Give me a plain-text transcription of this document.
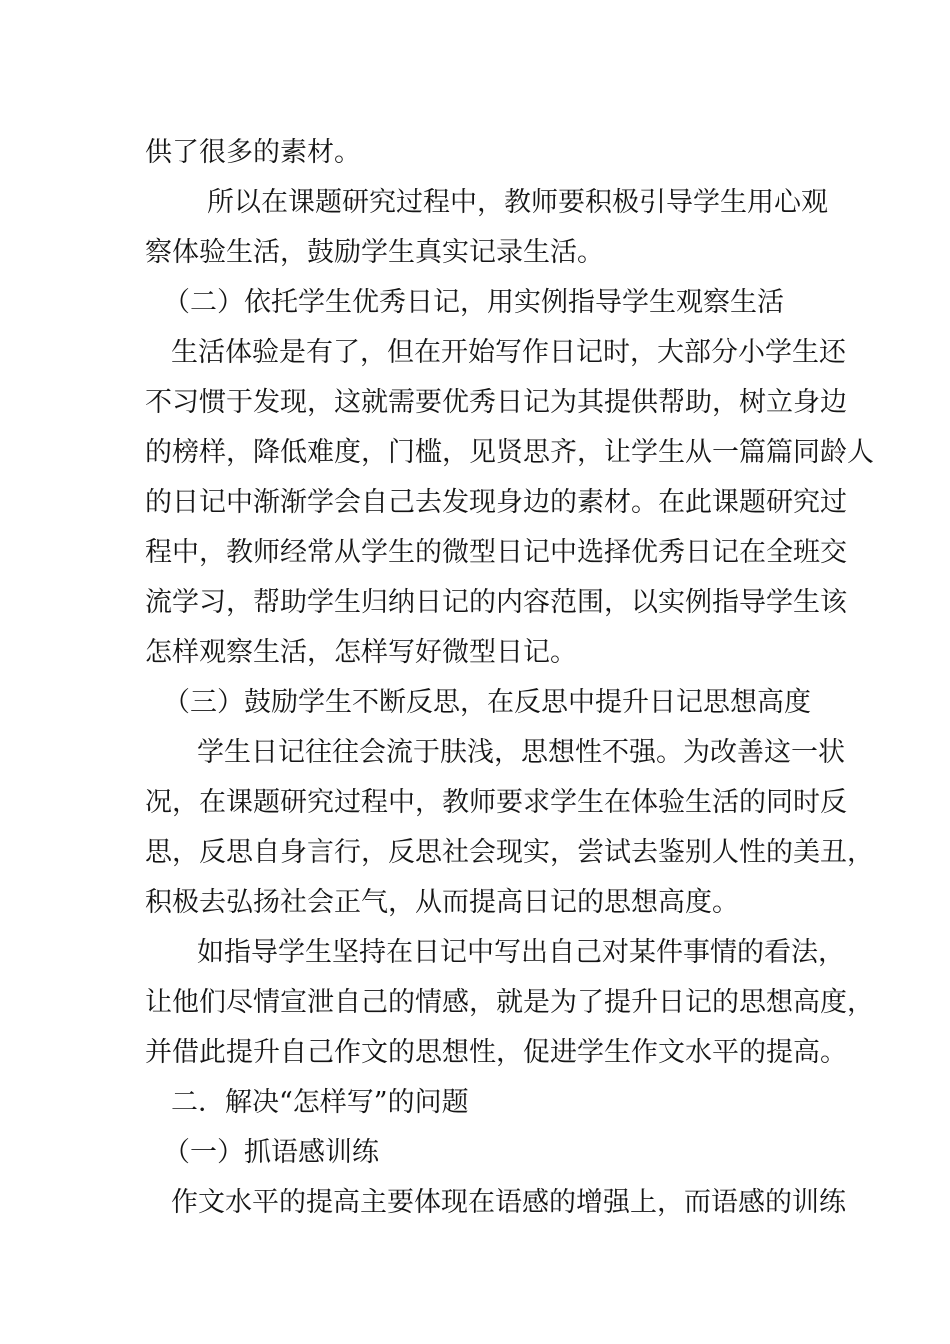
供了很多的素材。
所以在课题研究过程中，教师要积极引导学生用心观
察体验生活，鼓励学生真实记录生活。
（二）依托学生优秀日记，用实例指导学生观察生活
生活体验是有了，但在开始写作日记时，大部分小学生还
不习惯于发现，这就需要优秀日记为其提供帮助，树立身边
的榜样，降低难度，门槛，见贤思齐，让学生从一篇篇同龄人
的日记中渐渐学会自己去发现身边的素材。在此课题研究过
程中，教师经常从学生的微型日记中选择优秀日记在全班交
流学习，帮助学生归纳日记的内容范围，以实例指导学生该
怎样观察生活，怎样写好微型日记。
（三）鼓励学生不断反思，在反思中提升日记思想高度
学生日记往往会流于肤浅，思想性不强。为改善这一状
况，在课题研究过程中，教师要求学生在体验生活的同时反
思，反思自身言行，反思社会现实，尝试去鉴别人性的美丑，
积极去弘扬社会正气，从而提高日记的思想高度。
如指导学生坚持在日记中写出自己对某件事情的看法，
让他们尽情宣泄自己的情感，就是为了提升日记的思想高度，
并借此提升自己作文的思想性，促进学生作文水平的提高。
二．解决“怎样写”的问题
（一）抓语感训练
作文水平的提高主要体现在语感的增强上，而语感的训练
